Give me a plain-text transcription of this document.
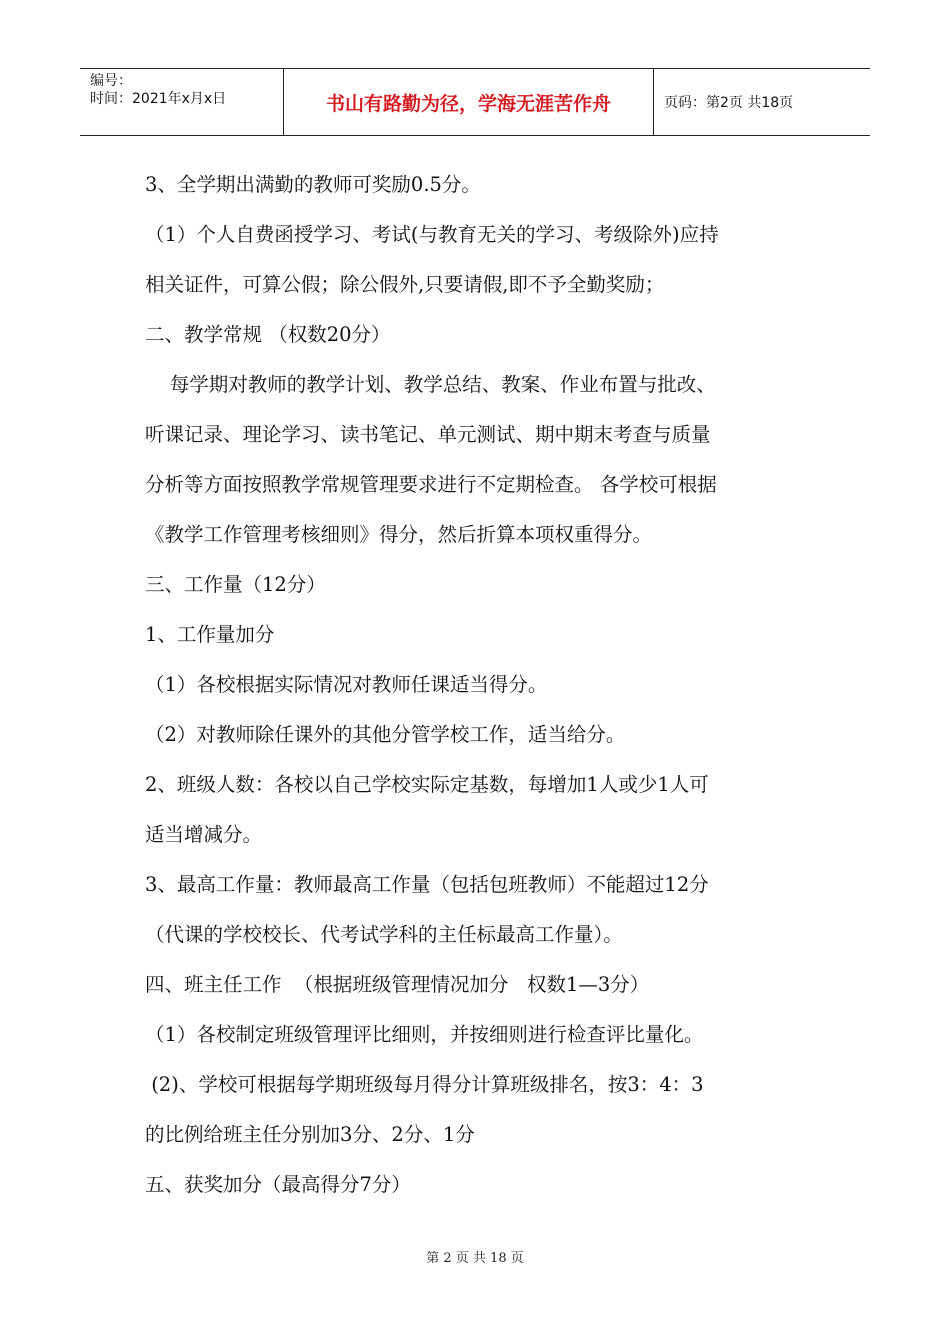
编号：
时间：2021年x月x日	书山有路勤为径，学海无涯苦作舟	页码：第2页 共18页

3、全学期出满勤的教师可奖励0.5分。

（1）个人自费函授学习、考试(与教育无关的学习、考级除外)应持

相关证件，可算公假；除公假外,只要请假,即不予全勤奖励；

二、教学常规 （权数20分）

每学期对教师的教学计划、教学总结、教案、作业布置与批改、

听课记录、理论学习、读书笔记、单元测试、期中期末考查与质量

分析等方面按照教学常规管理要求进行不定期检查。 各学校可根据

《教学工作管理考核细则》得分，然后折算本项权重得分。

三、工作量（12分）

1、工作量加分

（1）各校根据实际情况对教师任课适当得分。

（2）对教师除任课外的其他分管学校工作，适当给分。

2、班级人数：各校以自己学校实际定基数，每增加1人或少1人可

适当增减分。

3、最高工作量：教师最高工作量（包括包班教师）不能超过12分

（代课的学校校长、代考试学科的主任标最高工作量）。

四、班主任工作  （根据班级管理情况加分   权数1—3分）

（1）各校制定班级管理评比细则，并按细则进行检查评比量化。

(2)、学校可根据每学期班级每月得分计算班级排名，按3：4：3

的比例给班主任分别加3分、2分、1分

五、获奖加分（最高得分7分）

第 2 页 共 18 页
